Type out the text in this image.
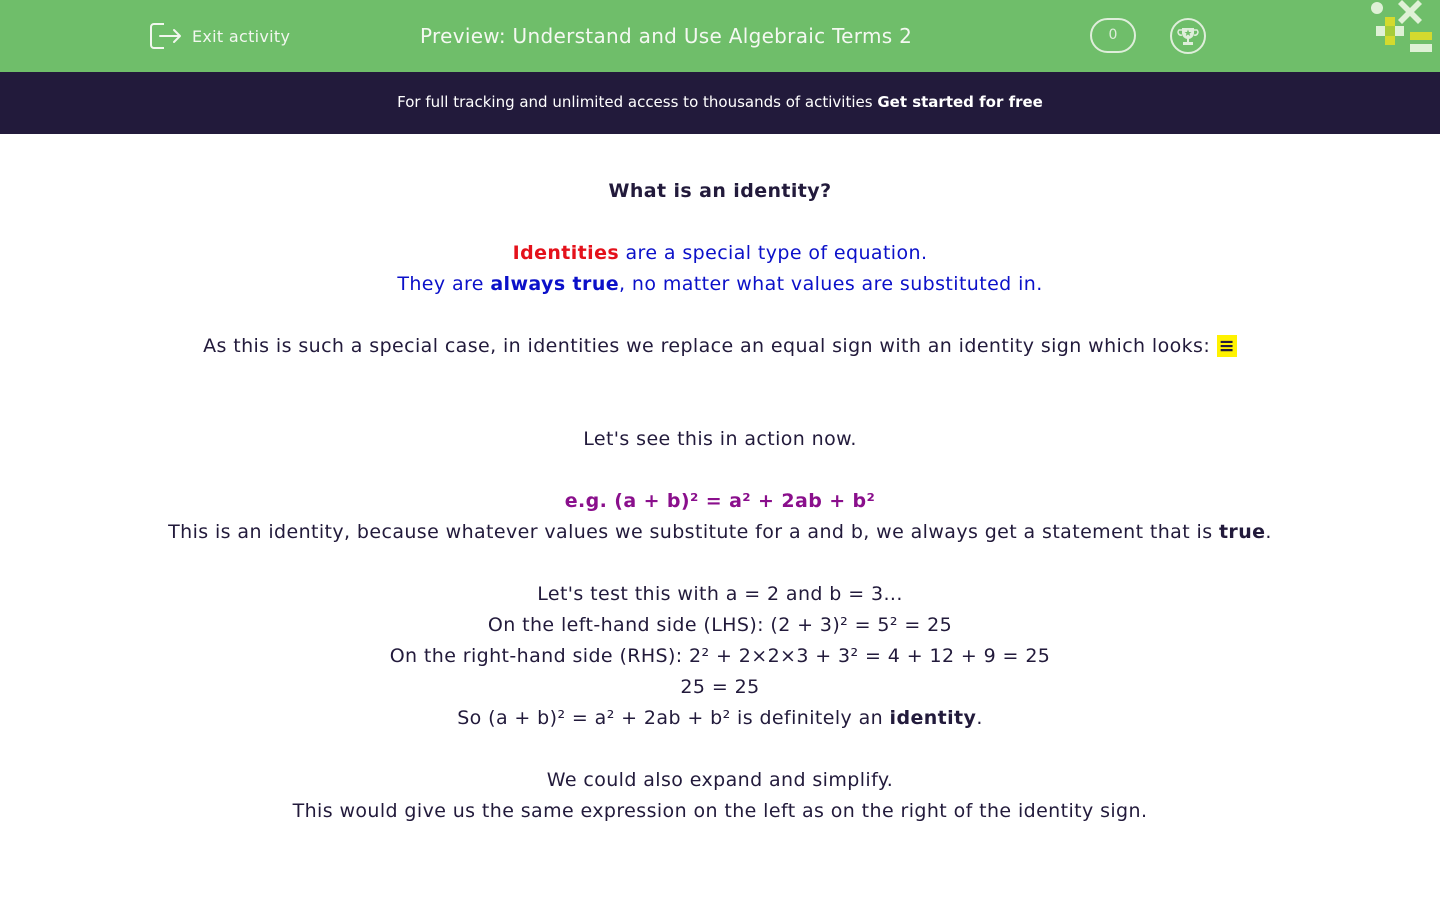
Exit activity	Preview: Understand and Use Algebraic Terms 2	0
For full tracking and unlimited access to thousands of activities Get started for free

What is an identity?

Identities are a special type of equation.

They are always true, no matter what values are substituted in.

As this is such a special case, in identities we replace an equal sign with an identity sign which looks: ≡

Let's see this in action now.

e.g. (a + b)² = a² + 2ab + b²

This is an identity, because whatever values we substitute for a and b, we always get a statement that is true.

Let's test this with a = 2 and b = 3...

On the left-hand side (LHS): (2 + 3)² = 5² = 25

On the right-hand side (RHS): 2² + 2×2×3 + 3² = 4 + 12 + 9 = 25

25 = 25

So (a + b)² = a² + 2ab + b² is definitely an identity.

We could also expand and simplify.

This would give us the same expression on the left as on the right of the identity sign.
